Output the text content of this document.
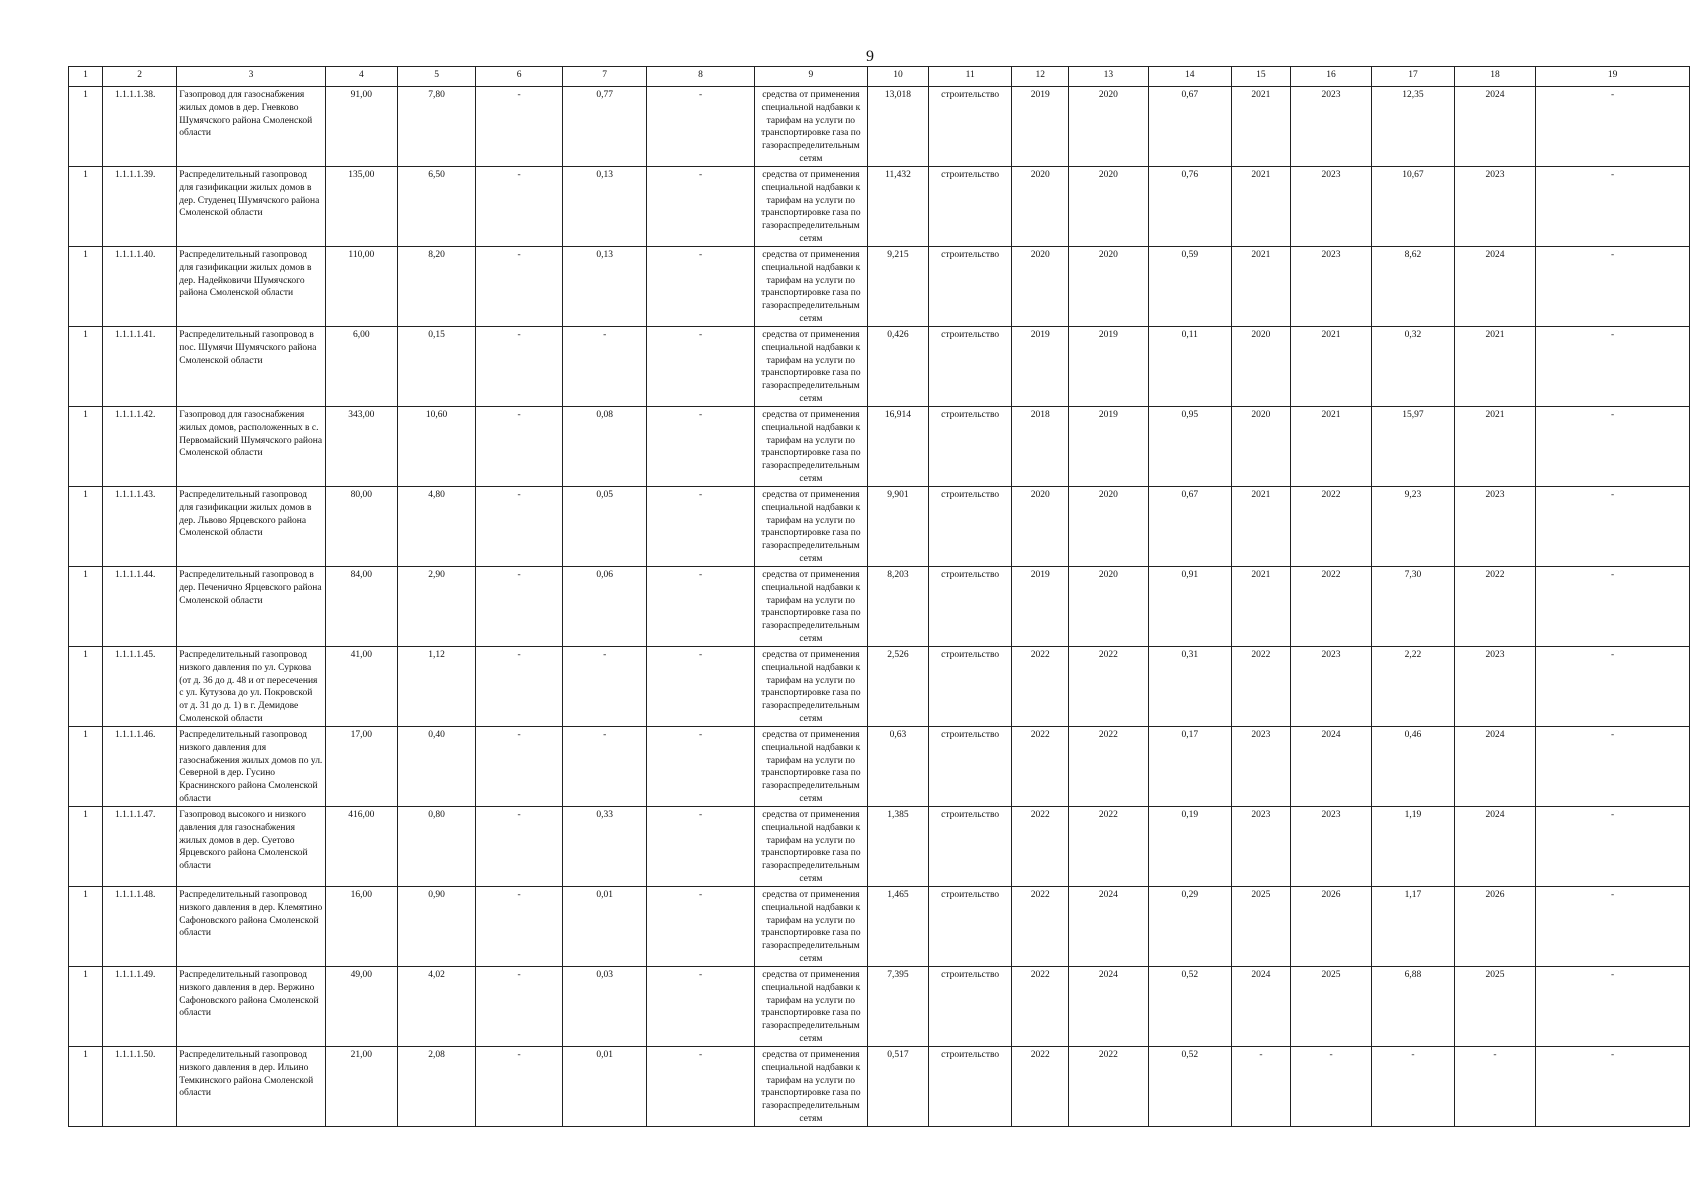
9
1	2	3	4	5	6	7	8	9	10	11	12	13	14	15	16	17	18	19
1	1.1.1.1.38.	Газопровод для газоснабжения жилых домов в дер. Гневково Шумячского района Смоленской области	91,00	7,80	-	0,77	-	средства от применения специальной надбавки к тарифам на услуги по транспортировке газа по газораспределительным сетям	13,018	строительство	2019	2020	0,67	2021	2023	12,35	2024	-
1	1.1.1.1.39.	Распределительный газопровод для газификации жилых домов в дер. Студенец Шумячского района Смоленской области	135,00	6,50	-	0,13	-	средства от применения специальной надбавки к тарифам на услуги по транспортировке газа по газораспределительным сетям	11,432	строительство	2020	2020	0,76	2021	2023	10,67	2023	-
1	1.1.1.1.40.	Распределительный газопровод для газификации жилых домов в дер. Надейковичи Шумячского района Смоленской области	110,00	8,20	-	0,13	-	средства от применения специальной надбавки к тарифам на услуги по транспортировке газа по газораспределительным сетям	9,215	строительство	2020	2020	0,59	2021	2023	8,62	2024	-
1	1.1.1.1.41.	Распределительный газопровод в пос. Шумячи Шумячского района Смоленской области	6,00	0,15	-	-	-	средства от применения специальной надбавки к тарифам на услуги по транспортировке газа по газораспределительным сетям	0,426	строительство	2019	2019	0,11	2020	2021	0,32	2021	-
1	1.1.1.1.42.	Газопровод для газоснабжения жилых домов, расположенных в с. Первомайский Шумячского района Смоленской области	343,00	10,60	-	0,08	-	средства от применения специальной надбавки к тарифам на услуги по транспортировке газа по газораспределительным сетям	16,914	строительство	2018	2019	0,95	2020	2021	15,97	2021	-
1	1.1.1.1.43.	Распределительный газопровод для газификации жилых домов в дер. Львово Ярцевского района Смоленской области	80,00	4,80	-	0,05	-	средства от применения специальной надбавки к тарифам на услуги по транспортировке газа по газораспределительным сетям	9,901	строительство	2020	2020	0,67	2021	2022	9,23	2023	-
1	1.1.1.1.44.	Распределительный газопровод в дер. Печенично Ярцевского района Смоленской области	84,00	2,90	-	0,06	-	средства от применения специальной надбавки к тарифам на услуги по транспортировке газа по газораспределительным сетям	8,203	строительство	2019	2020	0,91	2021	2022	7,30	2022	-
1	1.1.1.1.45.	Распределительный газопровод низкого давления по ул. Суркова (от д. 36 до д. 48 и от пересечения с ул. Кутузова до ул. Покровской от д. 31 до д. 1) в г. Демидове Смоленской области	41,00	1,12	-	-	-	средства от применения специальной надбавки к тарифам на услуги по транспортировке газа по газораспределительным сетям	2,526	строительство	2022	2022	0,31	2022	2023	2,22	2023	-
1	1.1.1.1.46.	Распределительный газопровод низкого давления для газоснабжения жилых домов по ул. Северной в дер. Гусино Краснинского района Смоленской области	17,00	0,40	-	-	-	средства от применения специальной надбавки к тарифам на услуги по транспортировке газа по газораспределительным сетям	0,63	строительство	2022	2022	0,17	2023	2024	0,46	2024	-
1	1.1.1.1.47.	Газопровод высокого и низкого давления для газоснабжения жилых домов в дер. Суетово Ярцевского района Смоленской области	416,00	0,80	-	0,33	-	средства от применения специальной надбавки к тарифам на услуги по транспортировке газа по газораспределительным сетям	1,385	строительство	2022	2022	0,19	2023	2023	1,19	2024	-
1	1.1.1.1.48.	Распределительный газопровод низкого давления в дер. Клемятино Сафоновского района Смоленской области	16,00	0,90	-	0,01	-	средства от применения специальной надбавки к тарифам на услуги по транспортировке газа по газораспределительным сетям	1,465	строительство	2022	2024	0,29	2025	2026	1,17	2026	-
1	1.1.1.1.49.	Распределительный газопровод низкого давления в дер. Вержино Сафоновского района Смоленской области	49,00	4,02	-	0,03	-	средства от применения специальной надбавки к тарифам на услуги по транспортировке газа по газораспределительным сетям	7,395	строительство	2022	2024	0,52	2024	2025	6,88	2025	-
1	1.1.1.1.50.	Распределительный газопровод низкого давления в дер. Ильино Темкинского района Смоленской области	21,00	2,08	-	0,01	-	средства от применения специальной надбавки к тарифам на услуги по транспортировке газа по газораспределительным сетям	0,517	строительство	2022	2022	0,52	-	-	-	-	-
